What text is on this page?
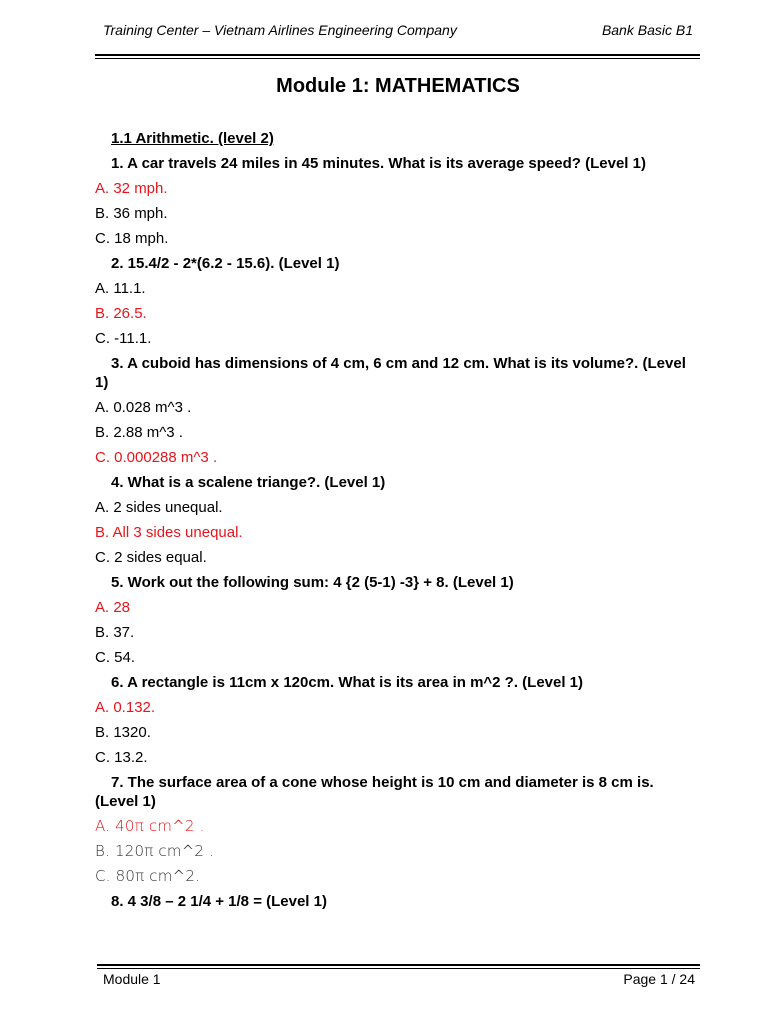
Training Center – Vietnam Airlines Engineering Company	Bank Basic B1
Module 1: MATHEMATICS
1.1 Arithmetic. (level 2)
1. A car travels 24 miles in 45 minutes. What is its average speed? (Level 1)
A. 32 mph.
B. 36 mph.
C. 18 mph.
2. 15.4/2 - 2*(6.2 - 15.6). (Level 1)
A. 11.1.
B. 26.5.
C. -11.1.
3. A cuboid has dimensions of 4 cm, 6 cm and 12 cm. What is its volume?. (Level 1)
A. 0.028 m^3 .
B. 2.88 m^3 .
C. 0.000288 m^3 .
4. What is a scalene triange?. (Level 1)
A. 2 sides unequal.
B. All 3 sides unequal.
C. 2 sides equal.
5. Work out the following sum: 4 {2 (5-1) -3} + 8. (Level 1)
A. 28
B. 37.
C. 54.
6. A rectangle is 11cm x 120cm. What is its area in m^2 ?. (Level 1)
A. 0.132.
B. 1320.
C. 13.2.
7. The surface area of a cone whose height is 10 cm and diameter is 8 cm is. (Level 1)
A. 40π cm^2 .
B. 120π cm^2 .
C. 80π cm^2.
8. 4 3/8 – 2 1/4 + 1/8 = (Level 1)
Module 1	Page 1 / 24
